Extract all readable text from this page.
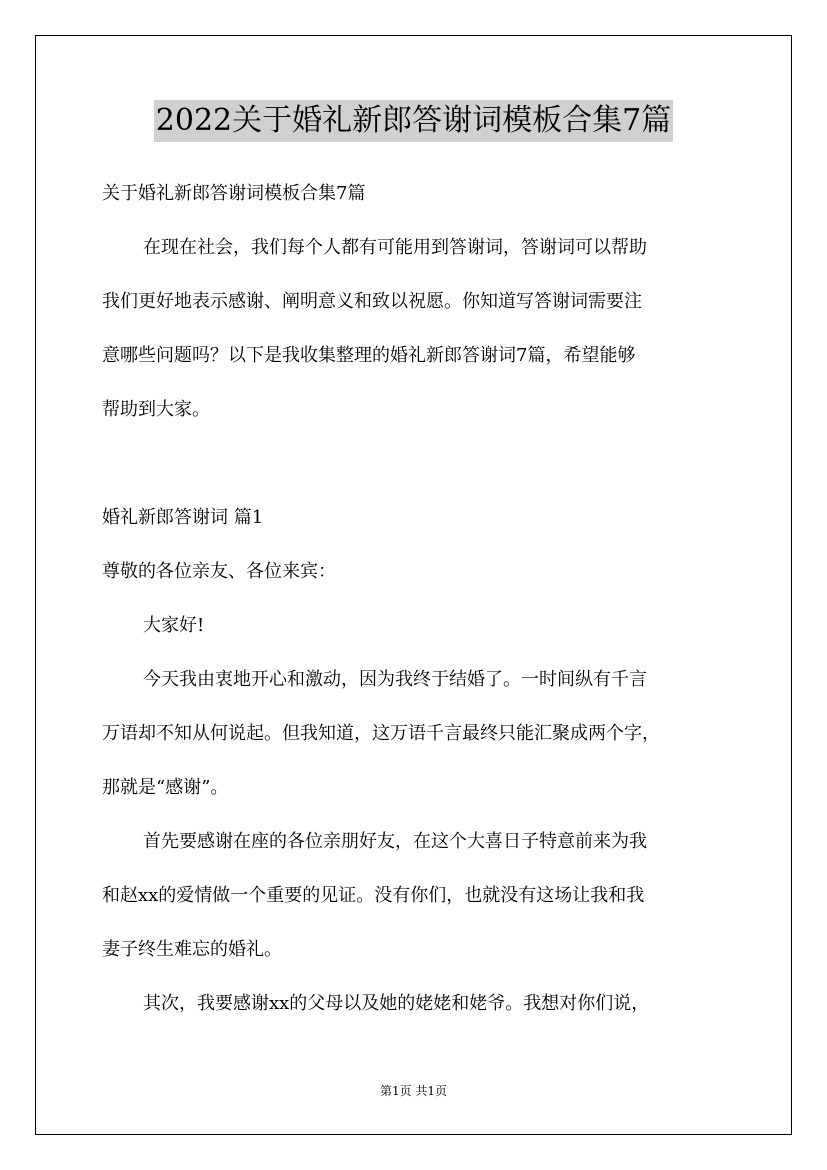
2022关于婚礼新郎答谢词模板合集7篇
关于婚礼新郎答谢词模板合集7篇
在现在社会，我们每个人都有可能用到答谢词，答谢词可以帮助
我们更好地表示感谢、阐明意义和致以祝愿。你知道写答谢词需要注
意哪些问题吗？以下是我收集整理的婚礼新郎答谢词7篇，希望能够
帮助到大家。
婚礼新郎答谢词 篇1
尊敬的各位亲友、各位来宾：
大家好!
今天我由衷地开心和激动，因为我终于结婚了。一时间纵有千言
万语却不知从何说起。但我知道，这万语千言最终只能汇聚成两个字，
那就是“感谢”。
首先要感谢在座的各位亲朋好友，在这个大喜日子特意前来为我
和赵xx的爱情做一个重要的见证。没有你们，也就没有这场让我和我
妻子终生难忘的婚礼。
其次，我要感谢xx的父母以及她的姥姥和姥爷。我想对你们说，
第1页 共1页
